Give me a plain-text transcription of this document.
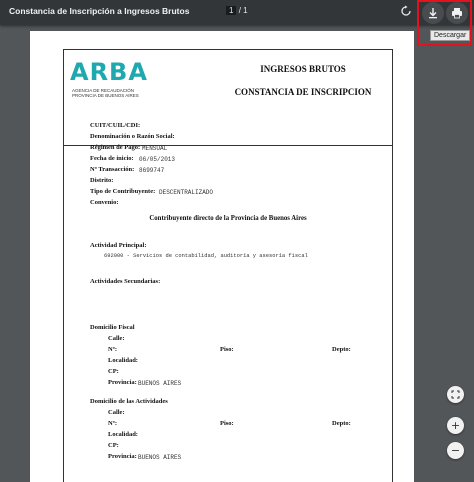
Constancia de Inscripción a Ingresos Brutos	1 / 1
Descargar
ARBA
AGENCIA DE RECAUDACIÓN
PROVINCIA DE BUENOS AIRES
INGRESOS BRUTOS
CONSTANCIA DE INSCRIPCION
CUIT/CUIL/CDI:
Denominación o Razón Social:
Régimen de Pago: MENSUAL
Fecha de inicio: 06/05/2013
Nº Transacción: 8699747
Distrito:
Tipo de Contribuyente: DESCENTRALIZADO
Convenio:
Contribuyente directo de la Provincia de Buenos Aires
Actividad Principal:
692000 - Servicios de contabilidad, auditoría y asesoría fiscal
Actividades Secundarias:
Domicilio Fiscal
Calle:
Nº:	Piso:	Depto:
Localidad:
CP:
Provincia: BUENOS AIRES
Domicilio de las Actividades
Calle:
Nº:	Piso:	Depto:
Localidad:
CP:
Provincia: BUENOS AIRES
+
−
